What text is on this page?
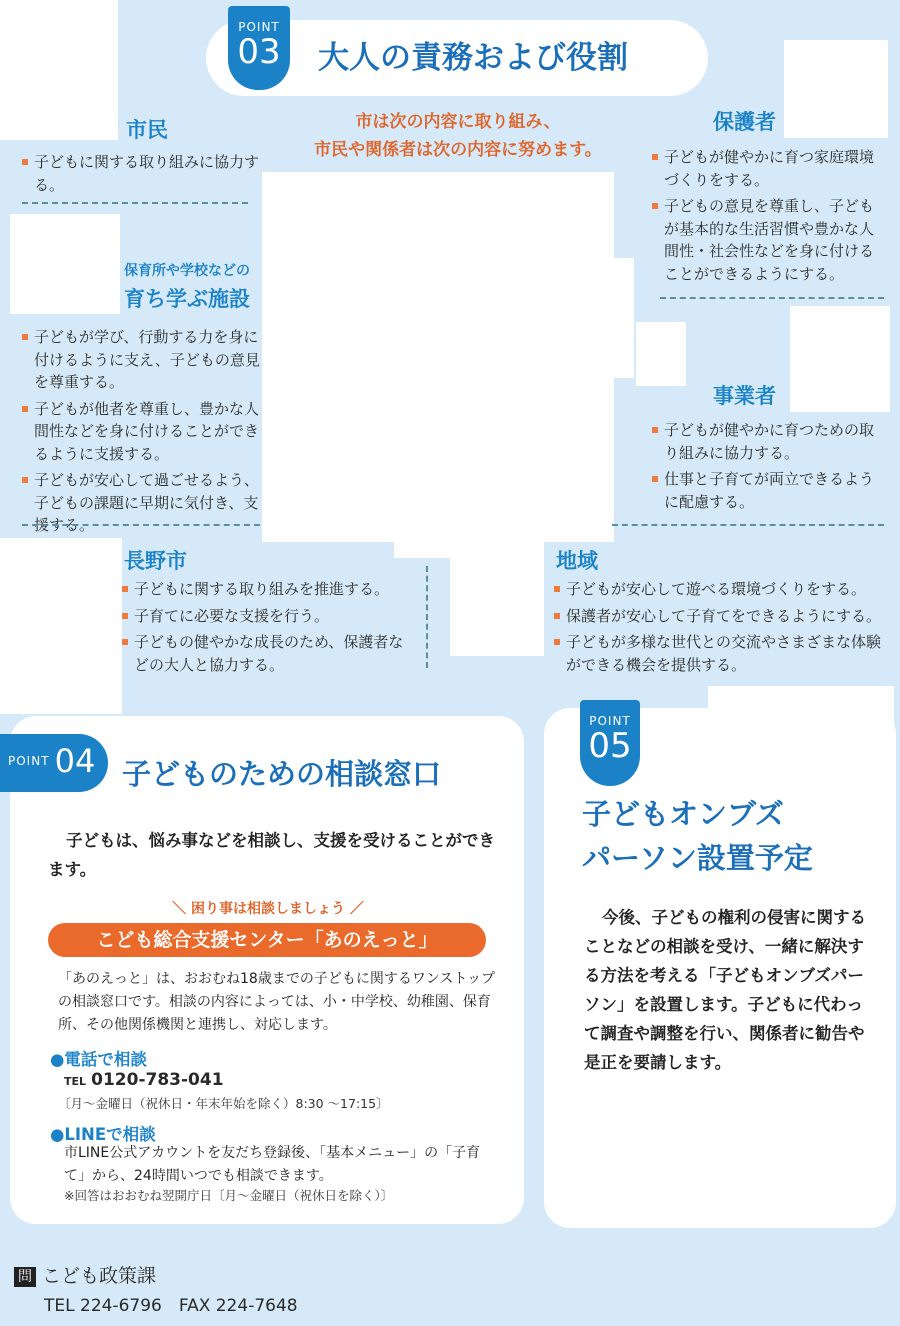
POINT
03	大人の責務および役割
市は次の内容に取り組み、
市民や関係者は次の内容に努めます。
市民
子どもに関する取り組みに協力する。
保護者
子どもが健やかに育つ家庭環境づくりをする。
子どもの意見を尊重し、子どもが基本的な生活習慣や豊かな人間性・社会性などを身に付けることができるようにする。
保育所や学校などの
育ち学ぶ施設
子どもが学び、行動する力を身に付けるように支え、子どもの意見を尊重する。
子どもが他者を尊重し、豊かな人間性などを身に付けることができるように支援する。
子どもが安心して過ごせるよう、子どもの課題に早期に気付き、支援する。
事業者
子どもが健やかに育つための取り組みに協力する。
仕事と子育てが両立できるように配慮する。
長野市
子どもに関する取り組みを推進する。
子育てに必要な支援を行う。
子どもの健やかな成長のため、保護者などの大人と協力する。
地域
子どもが安心して遊べる環境づくりをする。
保護者が安心して子育てをできるようにする。
子どもが多様な世代との交流やさまざまな体験ができる機会を提供する。
POINT 04 子どものための相談窓口
子どもは、悩み事などを相談し、支援を受けることができます。
＼ 困り事は相談しましょう ／
こども総合支援センター「あのえっと」
「あのえっと」は、おおむね18歳までの子どもに関するワンストップの相談窓口です。相談の内容によっては、小・中学校、幼稚園、保育所、その他関係機関と連携し、対応します。
●電話で相談
TEL 0120-783-041
〔月～金曜日（祝休日・年末年始を除く）8:30 ～17:15〕
●LINEで相談
市LINE公式アカウントを友だち登録後、「基本メニュー」の「子育て」から、24時間いつでも相談できます。
※回答はおおむね翌開庁日〔月～金曜日（祝休日を除く）〕
POINT
05
子どもオンブズ
パーソン設置予定
今後、子どもの権利の侵害に関することなどの相談を受け、一緒に解決する方法を考える「子どもオンブズパーソン」を設置します。子どもに代わって調査や調整を行い、関係者に勧告や是正を要請します。
問 こども政策課
TEL 224-6796　FAX 224-7648
